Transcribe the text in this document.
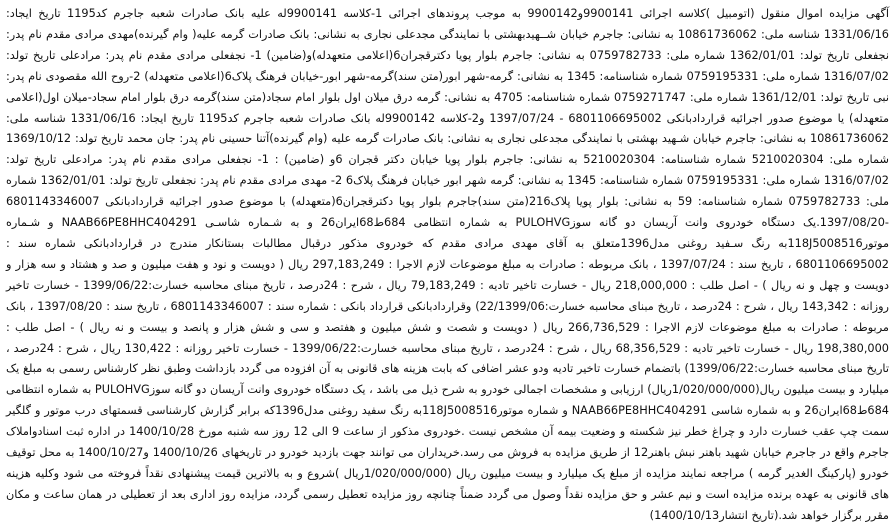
آگهی مزایده اموال منقول (اتومبیل )کلاسه اجرائی 9900141و9900142 به موجب پروندهای اجرائی 1-کلاسه 9900141له علیه بانک صادرات شعبه جاجرم کد1195 تاریخ ایجاد: 1331/06/16 شناسه ملی: 10861736062 به نشانی: جاجرم خیابان شــهیدبهشتی با نمایندگی مجدعلی نجاری به نشانی: بانک صادرات گرمه علیه( وام گیرنده)مهدی مرادی مقدم نام پدر: نجفعلی تاریخ تولد: 1362/01/01 شماره ملی: 0759782733 به نشانی: جاجرم بلوار پویا دکترقجران6(اعلامی متعهدله)و(ضامین) 1- نجفعلی مرادی مقدم نام پدر: مرادعلی تاریخ تولد: 1316/07/02 شماره ملی: 0759195331 شماره شناسنامه: 1345 به نشانی: گرمه-شهر ابور(متن سند)گرمه-شهر ابور-خیابان فرهنگ پلاک6(اعلامی متعهدله) 2-روح الله مقصودی نام پدر: نبی تاریخ تولد: 1361/12/01 شماره ملی: 0759271747 شماره شناسنامه: 4705 به نشانی: گرمه درق میلان اول بلوار امام سجاد(متن سند)گرمه درق بلوار امام سجاد-میلان اول(اعلامی متعهدله) یا موضوع صدور اجرائیه قراردادبانکی 6801106695002 - 1397/07/24 و2-کلاسه 9900142له بانک صادرات شعبه جاجرم کد1195 تاریخ ایجاد: 1331/06/16 شناسه ملی: 10861736062 به نشانی: جاجرم خیابان شـهید بهشتی با نمایندگی مجدعلی نجاری به نشانی: بانک صادرات گرمه علیه (وام گیرنده)آتنا حسینی نام پدر: جان محمد تاریخ تولد: 1369/10/12 شماره ملی: 5210020304 شماره شناسنامه: 5210020304 به نشانی: جاجرم بلوار پویا خیابان دکتر قجران 6و (ضامین) : 1- نجفعلی مرادی مقدم نام پدر: مرادعلی تاریخ تولد: 1316/07/02 شماره ملی: 0759195331 شماره شناسنامه: 1345 به نشانی: گرمه شهر ابور خیابان فرهنگ پلاک6 2- مهدی مرادی مقدم نام پدر: نجفعلی تاریخ تولد: 1362/01/01 شماره ملی: 0759782733 شماره شناسنامه: 59 به نشانی: بلوار پویا پلاک216(متن سند)جاجرم بلوار پویا دکترقجران6(متعهدله) با موضوع صدور اجرائیه قراردادبانکی 6801143346007 -1397/08/20.یک دستگاه خودروی وانت آریسان دو گانه سوزPULOHVG به شماره انتظامی 684ط68ایران26 و به شـماره شاسـی NAAB66PE8HHC404291 و شـماره موتور118J5008516به رنگ سـفید روغنی مدل1396متعلق به آقای مهدی مرادی مقدم که خودروی مذکور درقبال مطالبات بستانکار مندرج در قراردادبانکی شماره سند : 6801106695002 ، تاریخ سند : 1397/07/24 ، بانک مربوطه : صادرات به مبلغ موضوعات لازم الاجرا : 297,183,249 ریال ( دویست و نود و هفت میلیون و صد و هشتاد و سه هزار و دویست و چهل و نه ریال ) - اصل طلب : 218,000,000 ریال - خسارت تاخیر تادیه : 79,183,249 ریال ، شرح : 24درصد ، تاریخ مبنای محاسبه خسارت:1399/06/22 - خسارت تاخیر روزانه : 143,342 ریال ، شرح : 24درصد ، تاریخ مبنای محاسبه خسارت:22/1399/06) وقراردادبانکی قرارداد بانکی : شماره سند : 6801143346007 ، تاریخ سند : 1397/08/20 ، بانک مربوطه : صادرات به مبلغ موضوعات لازم الاجرا : 266,736,529 ریال ( دویست و شصت و شش میلیون و هفتصد و سی و شش هزار و پانصد و بیست و نه ریال ) - اصل طلب : 198,380,000 ریال - خسارت تاخیر تادیه : 68,356,529 ریال ، شرح : 24درصد ، تاریخ مبنای محاسبه خسارت:1399/06/22 - خسارت تاخیر روزانه : 130,422 ریال ، شرح : 24درصد ، تاریخ مبنای محاسبه خسارت:1399/06/22) باتضمام خسارت تاخیر تادیه ودو عشر اضافی که بابت هزینه های قانونی به آن افزوده می گردد بازداشت وطبق نظر کارشناس رسمی به مبلغ یک میلیارد و بیست میلیون ریال(1/020/000/000ریال) ارزیابی و مشخصات اجمالی خودرو به شرح ذیل می باشد ، یک دستگاه خودروی وانت آریسان دو گانه سوزPULOHVG به شماره انتظامی 684ط68ایران26 و به شماره شاسی NAAB66PE8HHC404291 و شماره موتور118J5008516به رنگ سفید روغنی مدل1396که برابر گزارش کارشناسی قسمتهای درب موتور و گلگیر سمت چپ عقب خسارت دارد و چراغ خطر نیز شکسته و وضعیت بیمه آن مشخص نیست .خودروی مذکور از ساعت 9 الی 12 روز سه شنبه مورخ 1400/10/28 در اداره ثبت اسنادواملاک جاجرم واقع در جاجرم خیابان شهید باهنر نبش باهنر12 از طریق مزایده به فروش می رسد.خریداران می توانند جهت بازدید خودرو در تاریخهای 1400/10/26 و1400/10/27 به محل توقیف خودرو (پارکینگ الغدیر گرمه ) مراجعه نمایند مزایده از مبلغ یک میلیارد و بیست میلیون ریال (1/020/000/000ریال )شروع و به بالاترین قیمت پیشنهادی نقداً فروخته می شود وکلیه هزینه های قانونی به عهده برنده مزایده است و نیم عشر و حق مزایده نقداً وصول می گردد ضمناً چنانچه روز مزایده تعطیل رسمی گردد، مزایده روز اداری بعد از تعطیلی در همان ساعت و مکان مقرر برگزار خواهد شد.(تاریخ انتشار1400/10/13)
